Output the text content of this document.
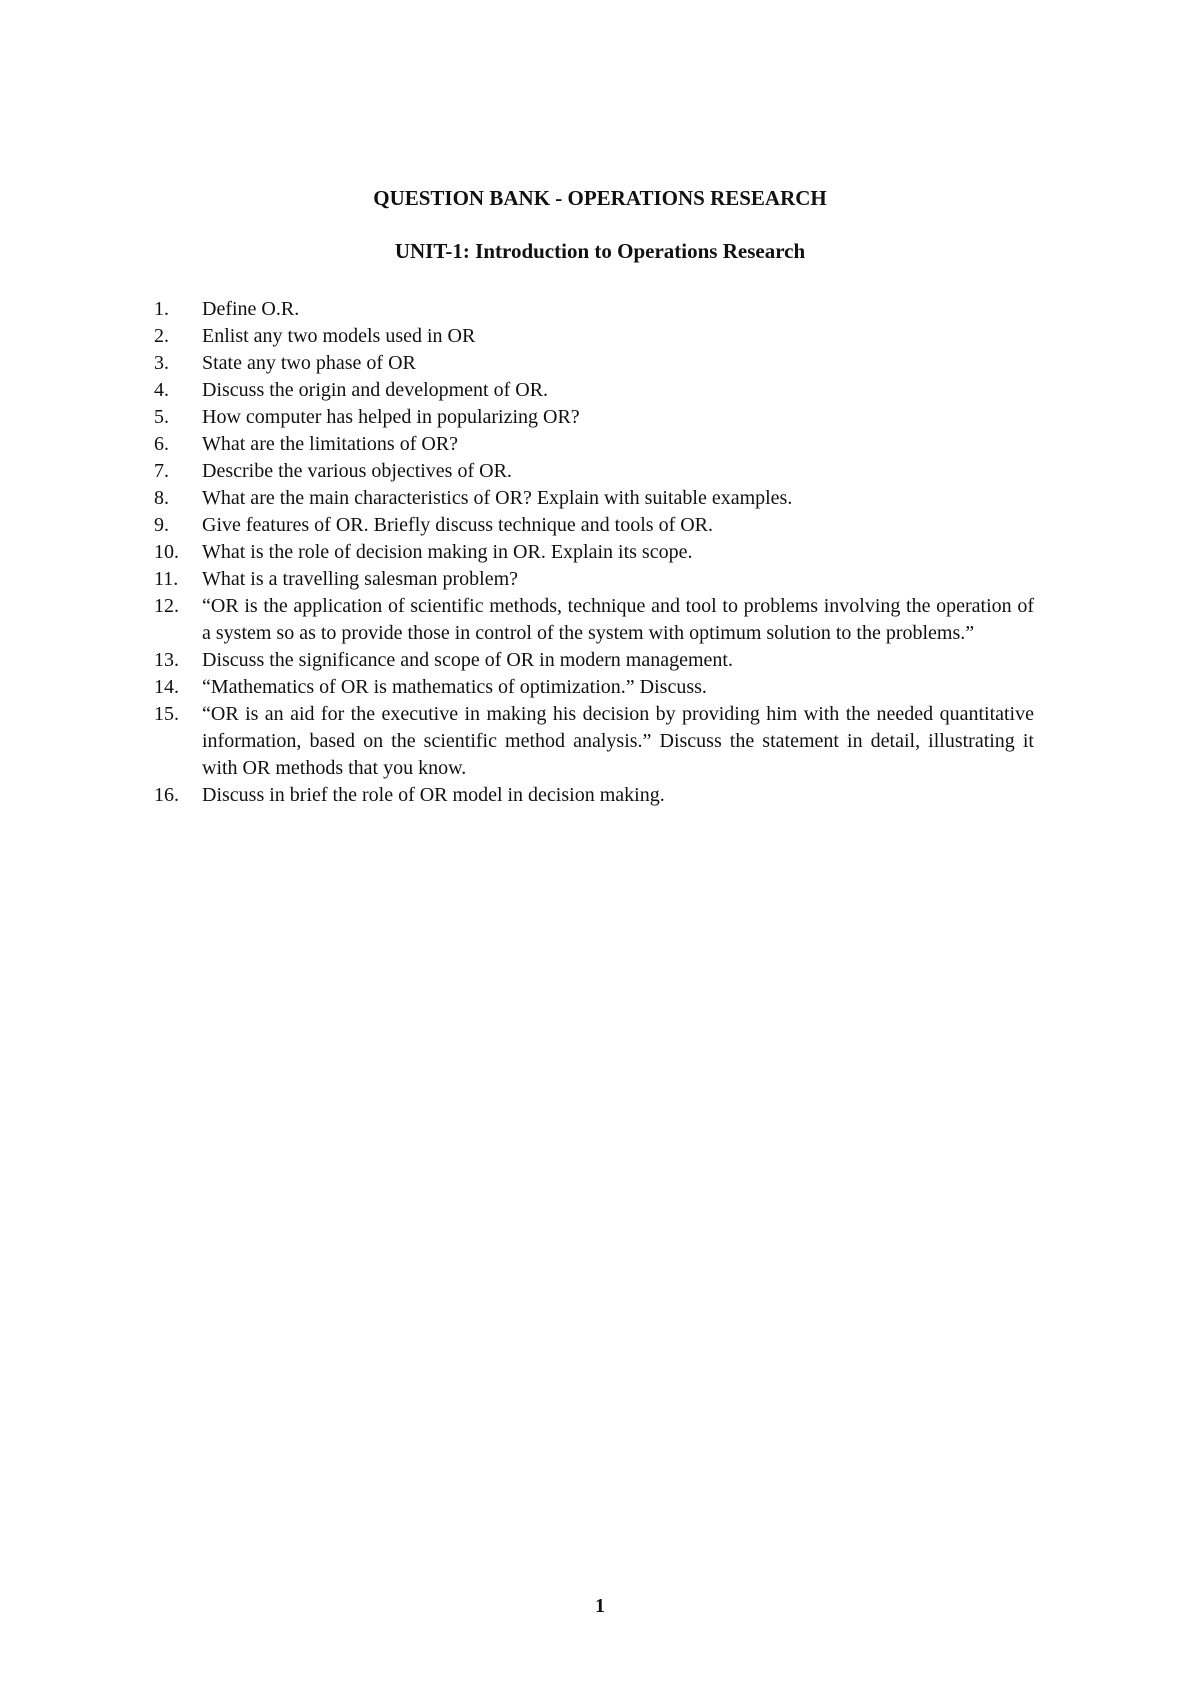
QUESTION BANK - OPERATIONS RESEARCH
UNIT-1: Introduction to Operations Research
1.	Define O.R.
2.	Enlist any two models used in OR
3.	State any two phase of OR
4.	Discuss the origin and development of OR.
5.	How computer has helped in popularizing OR?
6.	What are the limitations of OR?
7.	Describe the various objectives of OR.
8.	What are the main characteristics of OR? Explain with suitable examples.
9.	Give features of OR. Briefly discuss technique and tools of OR.
10.	What is the role of decision making in OR. Explain its scope.
11.	What is a travelling salesman problem?
12.	“OR is the application of scientific methods, technique and tool to problems involving the operation of a system so as to provide those in control of the system with optimum solution to the problems.”
13.	Discuss the significance and scope of OR in modern management.
14.	“Mathematics of OR is mathematics of optimization.” Discuss.
15.	“OR is an aid for the executive in making his decision by providing him with the needed quantitative information, based on the scientific method analysis.” Discuss the statement in detail, illustrating it with OR methods that you know.
16.	Discuss in brief the role of OR model in decision making.
1
